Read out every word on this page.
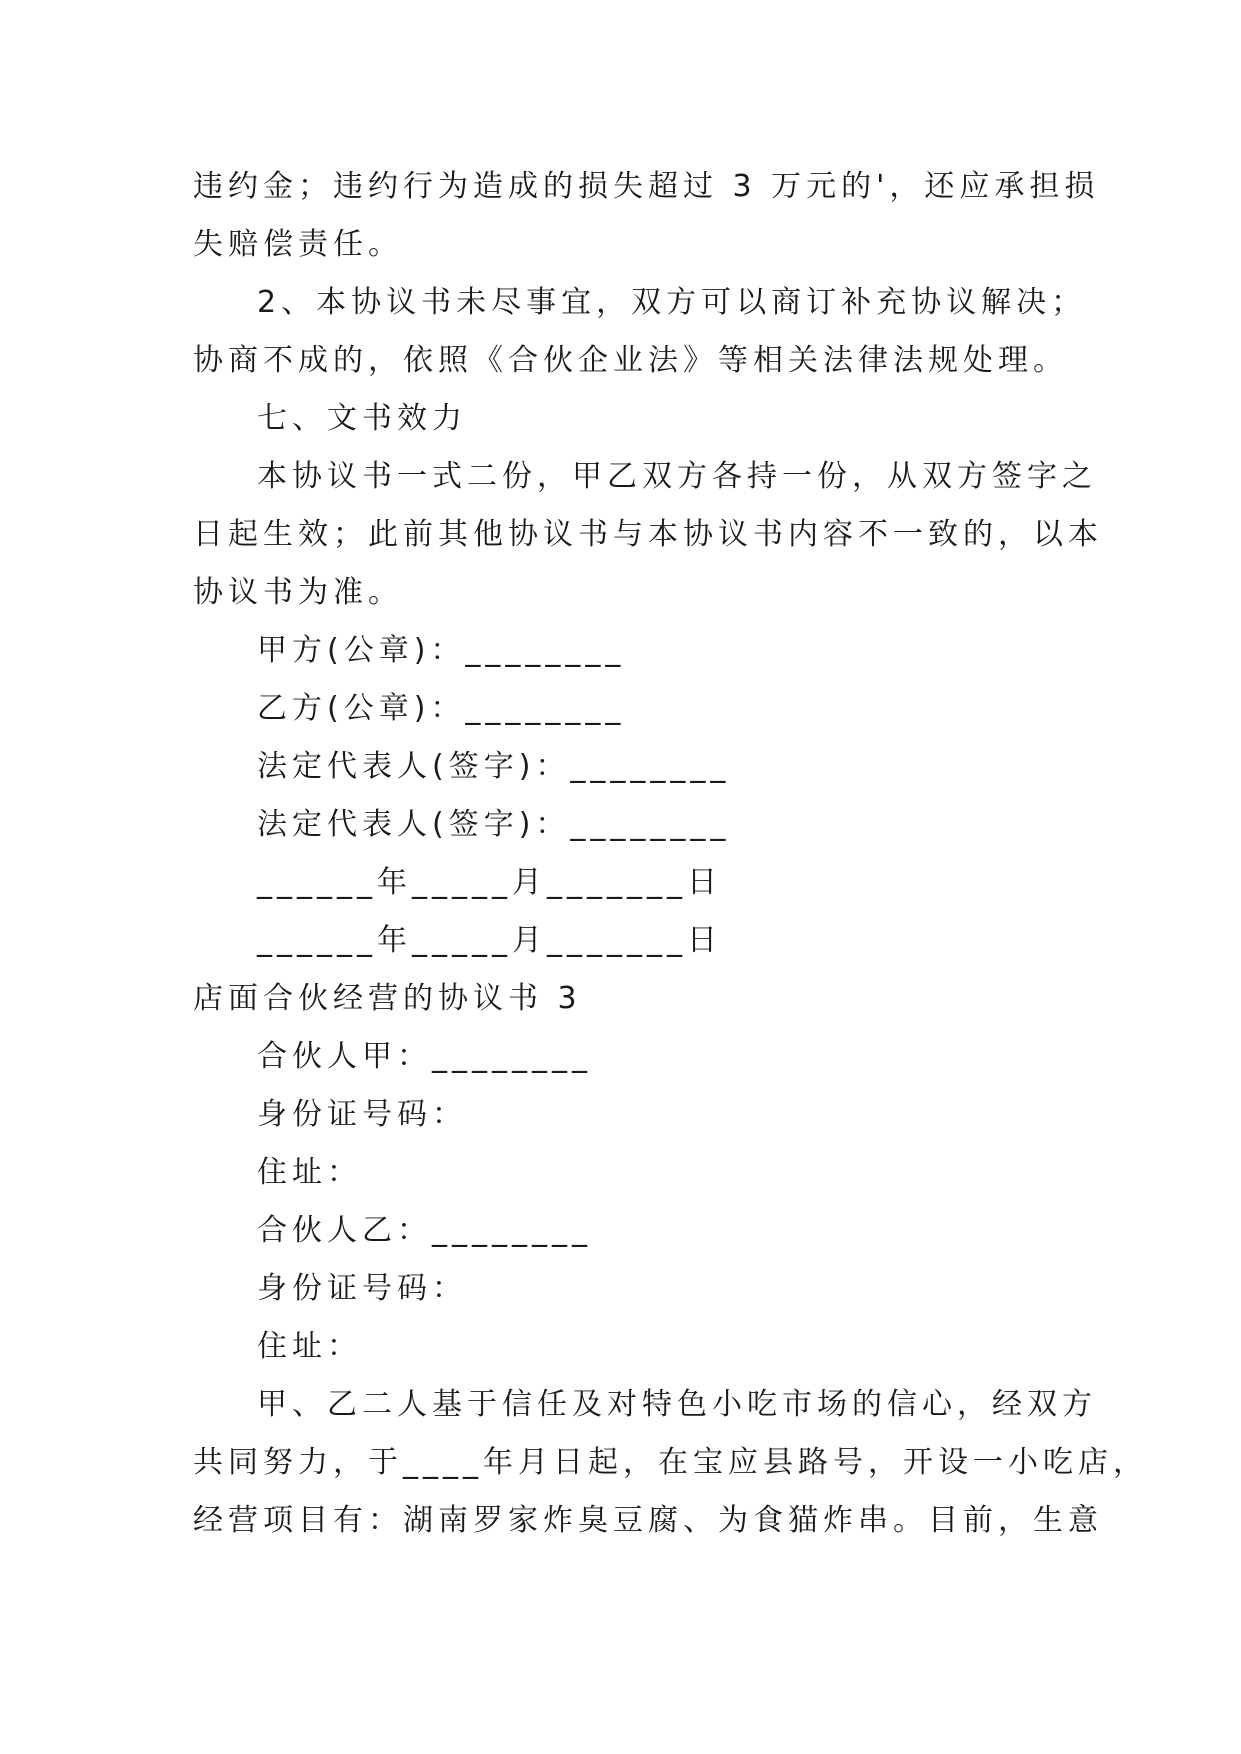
违约金；违约行为造成的损失超过 3 万元的'，还应承担损
失赔偿责任。
2、本协议书未尽事宜，双方可以商订补充协议解决；
协商不成的，依照《合伙企业法》等相关法律法规处理。
七、文书效力
本协议书一式二份，甲乙双方各持一份，从双方签字之
日起生效；此前其他协议书与本协议书内容不一致的，以本
协议书为准。
甲方(公章)：________
乙方(公章)：________
法定代表人(签字)：________
法定代表人(签字)：________
______年_____月_______日
______年_____月_______日
店面合伙经营的协议书 3
合伙人甲：________
身份证号码：
住址：
合伙人乙：________
身份证号码：
住址：
甲、乙二人基于信任及对特色小吃市场的信心，经双方
共同努力，于____年月日起，在宝应县路号，开设一小吃店，
经营项目有：湖南罗家炸臭豆腐、为食猫炸串。目前，生意
